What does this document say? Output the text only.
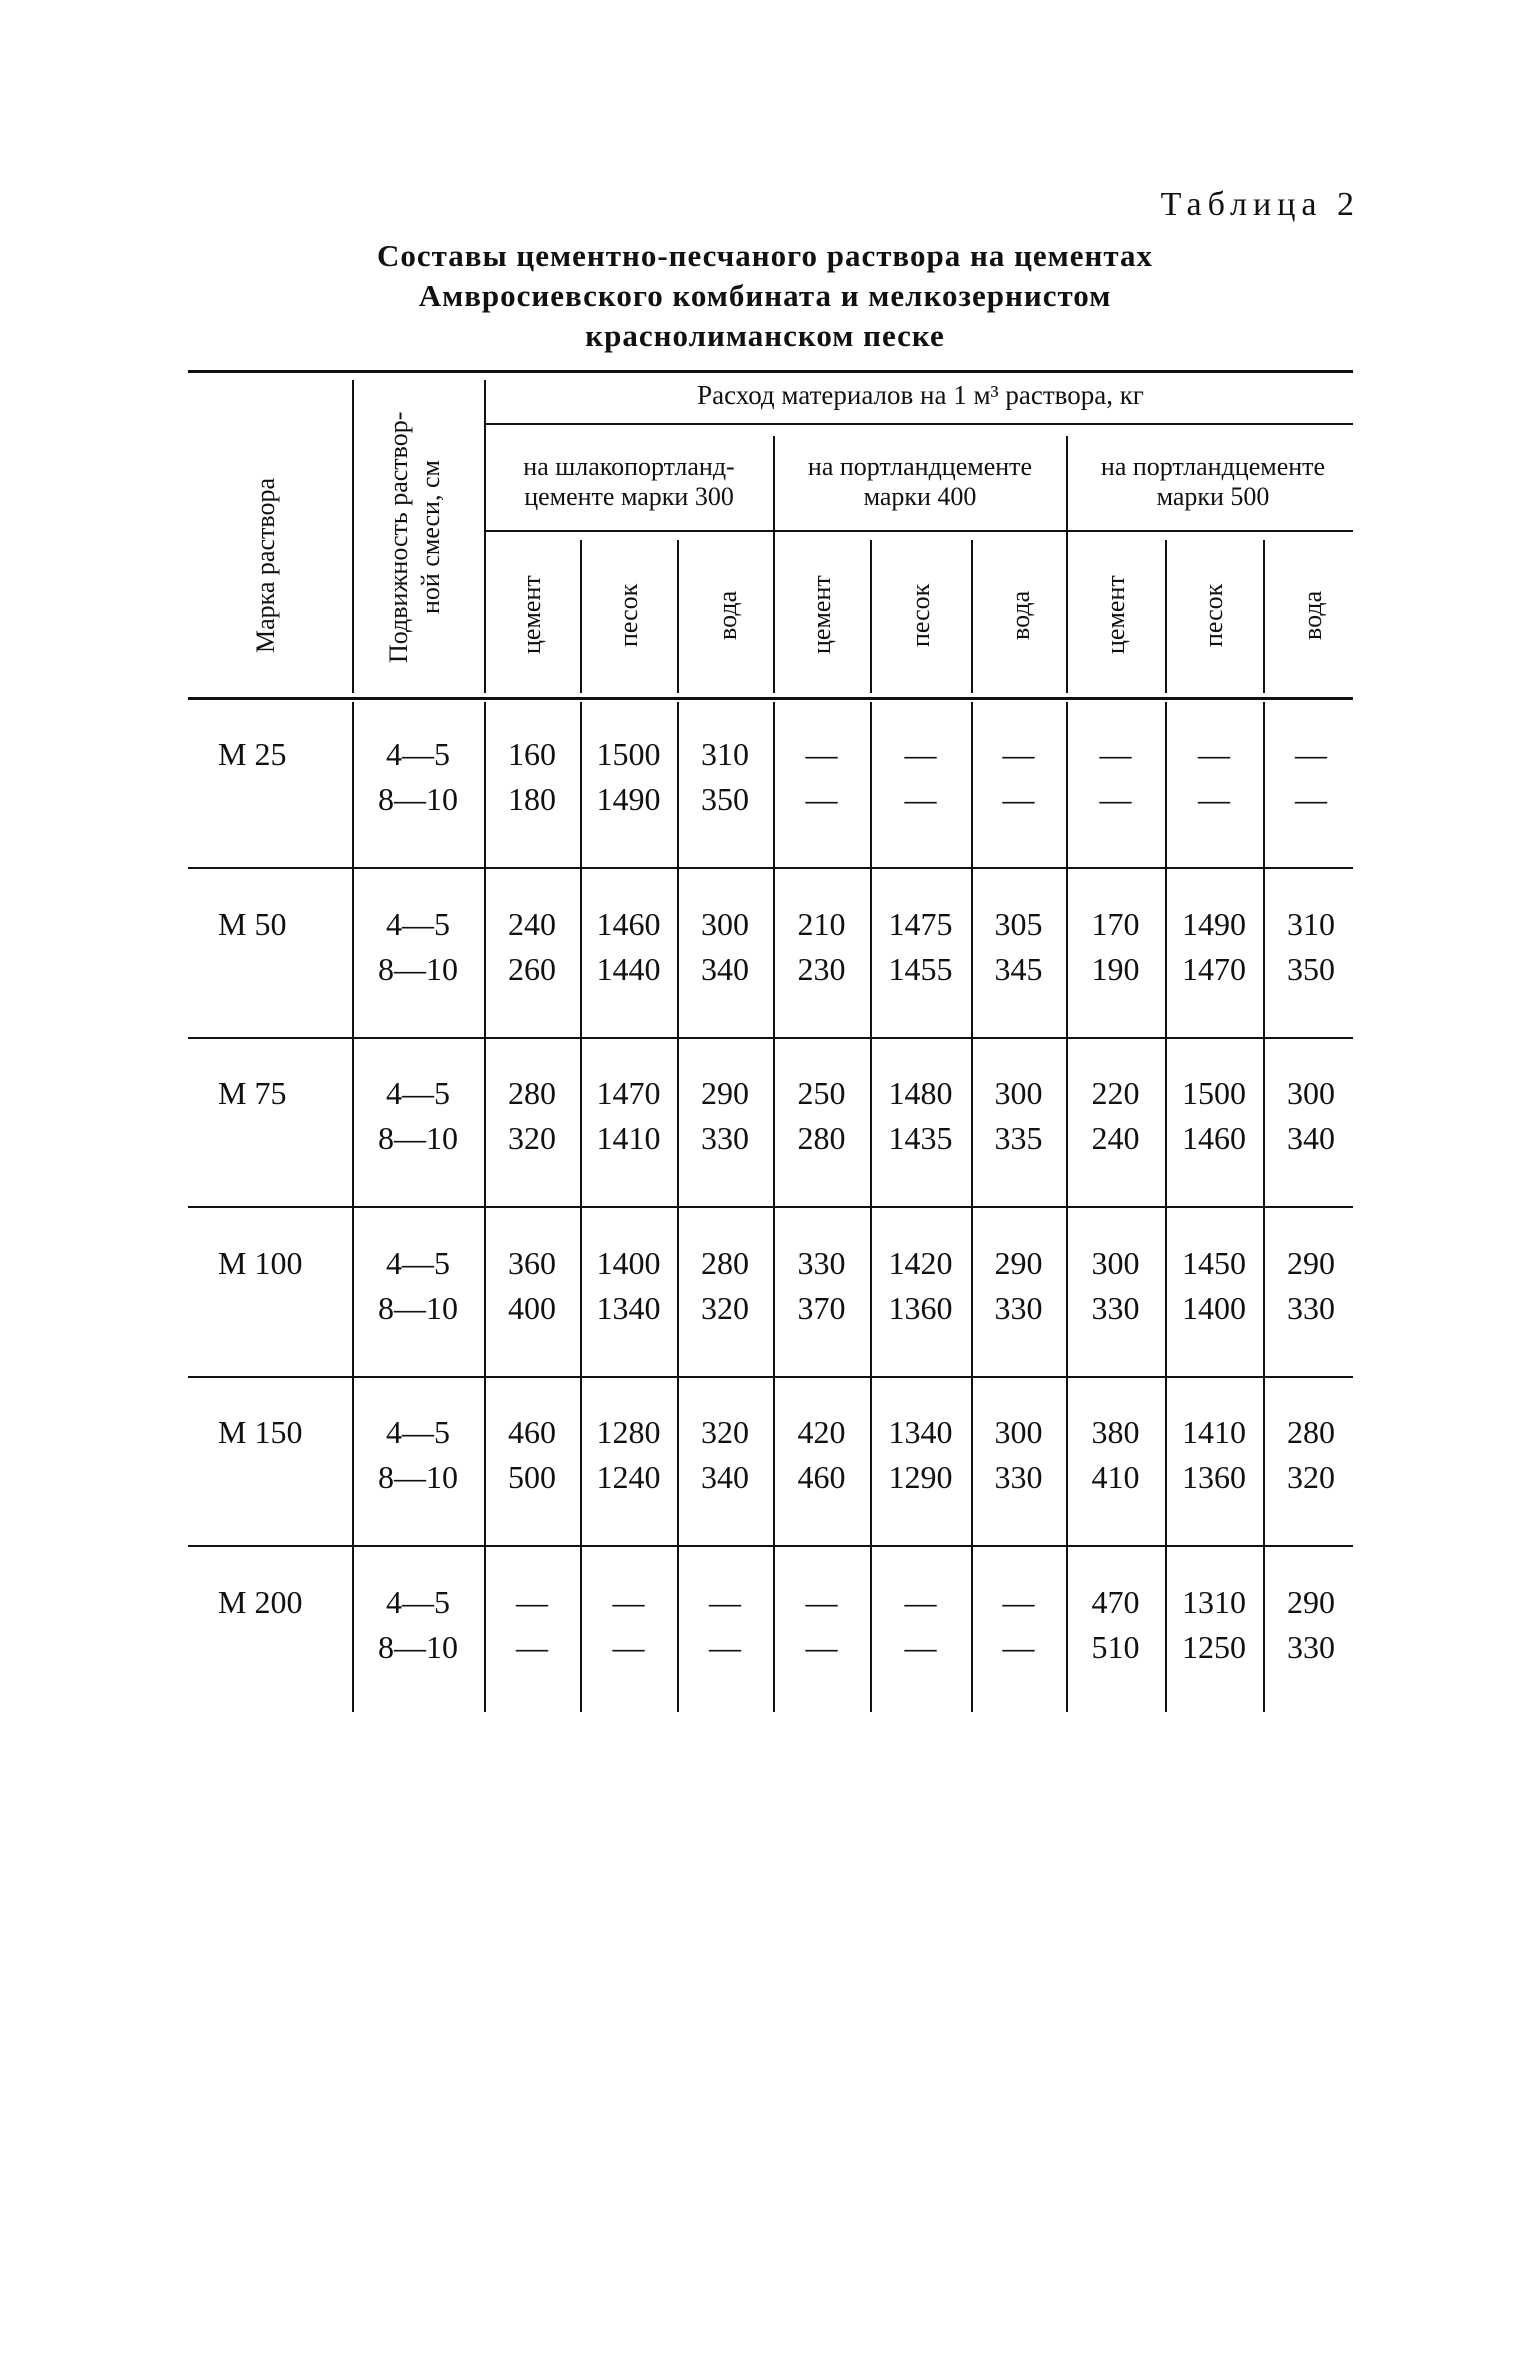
Таблица 2
Составы цементно-песчаного раствора на цементах
Амвросиевского комбината и мелкозернистом
краснолиманском песке
Марка раствора	Подвижность раствор- ной смеси, см
Расход материалов на 1 м³ раствора, кг
на шлакопортланд-
цементе марки 300
на портландцементе
марки 400
на портландцементе
марки 500
цемент	песок	вода	цемент	песок	вода	цемент	песок	вода
М 25	4—5	160	1500	310	—	—	—	—	—	—
8—10	180	1490	350	—	—	—	—	—	—
М 50	4—5	240	1460	300	210	1475	305	170	1490	310
8—10	260	1440	340	230	1455	345	190	1470	350
М 75	4—5	280	1470	290	250	1480	300	220	1500	300
8—10	320	1410	330	280	1435	335	240	1460	340
М 100	4—5	360	1400	280	330	1420	290	300	1450	290
8—10	400	1340	320	370	1360	330	330	1400	330
М 150	4—5	460	1280	320	420	1340	300	380	1410	280
8—10	500	1240	340	460	1290	330	410	1360	320
М 200	4—5	—	—	—	—	—	—	470	1310	290
8—10	—	—	—	—	—	—	510	1250	330
